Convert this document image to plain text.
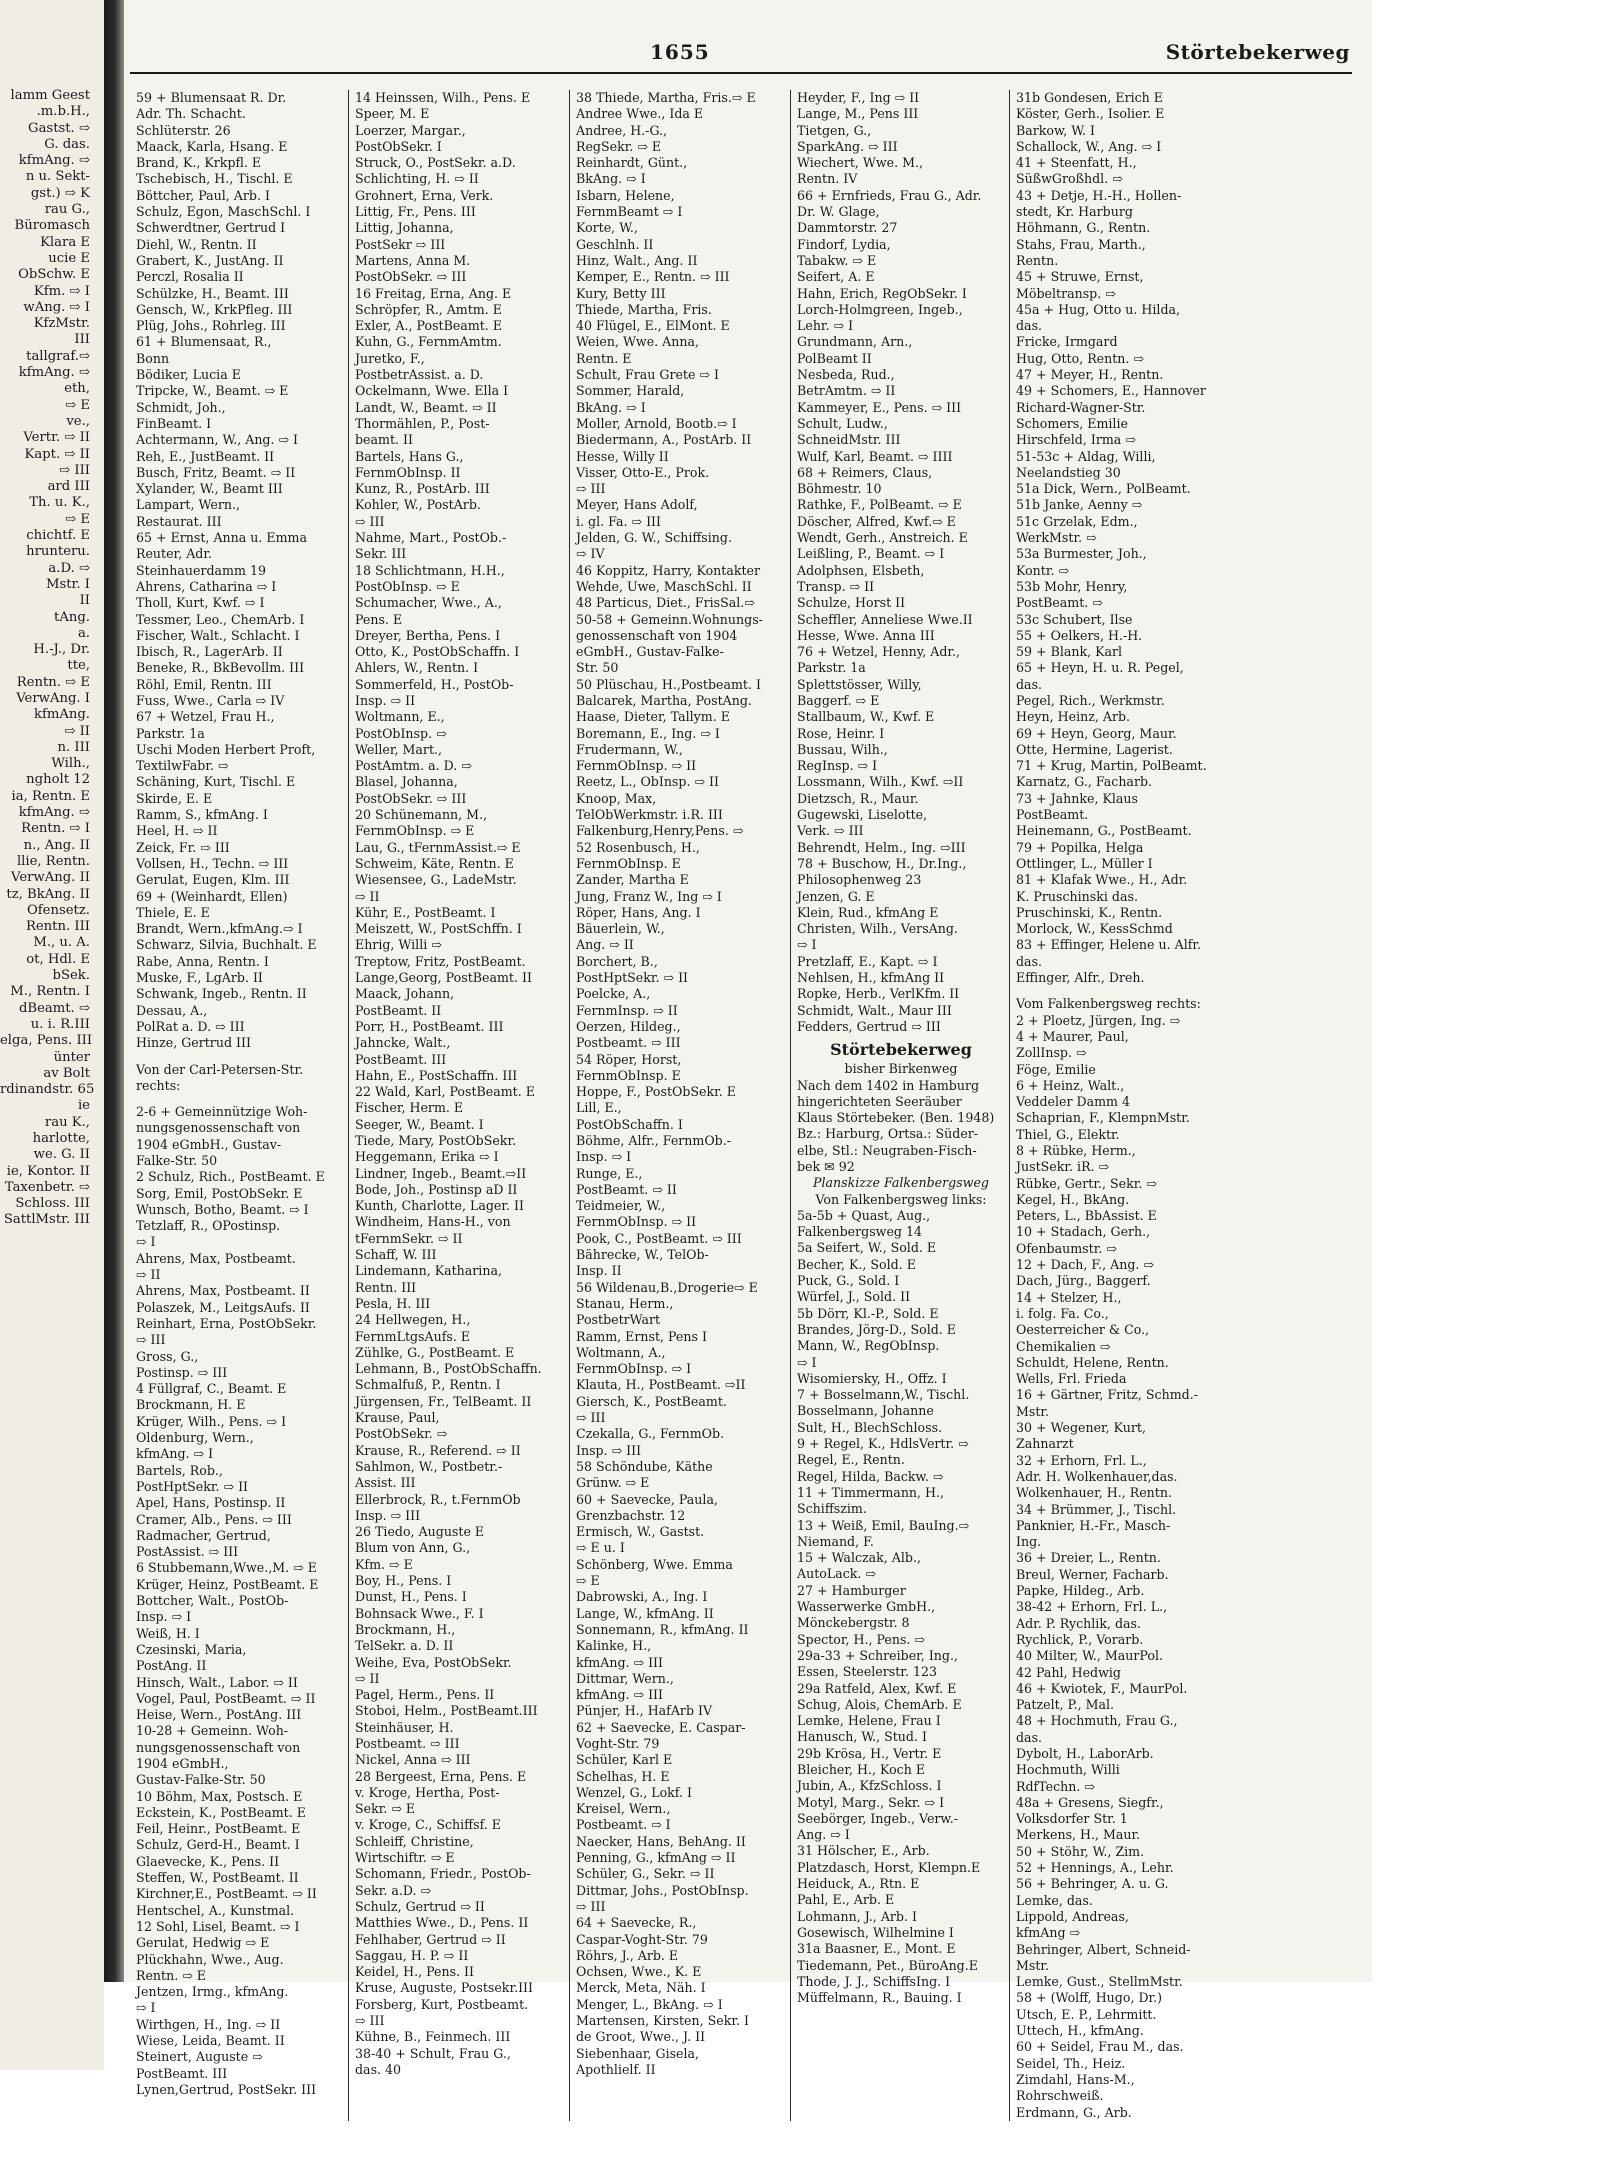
lamm Geest
.m.b.H.,
Gastst. ⇨
G. das.
kfmAng. ⇨
n u. Sekt-
gst.) ⇨ K
rau G.,
Büromasch
Klara E
ucie E
ObSchw. E
Kfm. ⇨ I
wAng. ⇨ I
KfzMstr.
III
tallgraf.⇨
kfmAng. ⇨
eth,
⇨ E
ve.,
Vertr. ⇨ II
Kapt. ⇨ II
⇨ III
ard III
Th. u. K.,
⇨ E
chichtf. E
hrunteru.
a.D. ⇨
Mstr. I
II
tAng.
a.
H.-J., Dr.
tte,
Rentn. ⇨ E
VerwAng. I
kfmAng.
⇨ II
n. III
Wilh.,
ngholt 12
ia, Rentn. E
kfmAng. ⇨
Rentn. ⇨ I
n., Ang. II
llie, Rentn.
VerwAng. II
tz, BkAng. II
Ofensetz.
Rentn. III
M., u. A.
ot, Hdl. E
bSek.
M., Rentn. I
dBeamt. ⇨
u. i. R.III
elga, Pens. III
ünter
av Bolt
rdinandstr. 65
ie
rau K.,
harlotte,
we. G. II
ie, Kontor. II
Taxenbetr. ⇨
Schloss. III
SattlMstr. III
1655	Störtebekerweg
59 + Blumensaat R. Dr.
Adr. Th. Schacht.
Schlüterstr. 26
Maack, Karla, Hsang. E
Brand, K., Krkpfl. E
Tschebisch, H., Tischl. E
Böttcher, Paul, Arb. I
Schulz, Egon, MaschSchl. I
Schwerdtner, Gertrud I
Diehl, W., Rentn. II
Grabert, K., JustAng. II
Perczl, Rosalia II
Schülzke, H., Beamt. III
Gensch, W., KrkPfleg. III
Plüg, Johs., Rohrleg. III
61 + Blumensaat, R.,
Bonn
Bödiker, Lucia E
Tripcke, W., Beamt. ⇨ E
Schmidt, Joh.,
FinBeamt. I
Achtermann, W., Ang. ⇨ I
Reh, E., JustBeamt. II
Busch, Fritz, Beamt. ⇨ II
Xylander, W., Beamt III
Lampart, Wern.,
Restaurat. III
65 + Ernst, Anna u. Emma
Reuter, Adr.
Steinhauerdamm 19
Ahrens, Catharina ⇨ I
Tholl, Kurt, Kwf. ⇨ I
Tessmer, Leo., ChemArb. I
Fischer, Walt., Schlacht. I
Ibisch, R., LagerArb. II
Beneke, R., BkBevollm. III
Röhl, Emil, Rentn. III
Fuss, Wwe., Carla ⇨ IV
67 + Wetzel, Frau H.,
Parkstr. 1a
Uschi Moden Herbert Proft,
TextilwFabr. ⇨
Schäning, Kurt, Tischl. E
Skirde, E. E
Ramm, S., kfmAng. I
Heel, H. ⇨ II
Zeick, Fr. ⇨ III
Vollsen, H., Techn. ⇨ III
Gerulat, Eugen, Klm. III
69 + (Weinhardt, Ellen)
Thiele, E. E
Brandt, Wern.,kfmAng.⇨ I
Schwarz, Silvia, Buchhalt. E
Rabe, Anna, Rentn. I
Muske, F., LgArb. II
Schwank, Ingeb., Rentn. II
Dessau, A.,
PolRat a. D. ⇨ III
Hinze, Gertrud III
Von der Carl-Petersen-Str.
rechts:
2-6 + Gemeinnützige Woh-
nungsgenossenschaft von
1904 eGmbH., Gustav-
Falke-Str. 50
2 Schulz, Rich., PostBeamt. E
Sorg, Emil, PostObSekr. E
Wunsch, Botho, Beamt. ⇨ I
Tetzlaff, R., OPostinsp.
⇨ I
Ahrens, Max, Postbeamt.
⇨ II
Ahrens, Max, Postbeamt. II
Polaszek, M., LeitgsAufs. II
Reinhart, Erna, PostObSekr.
⇨ III
Gross, G.,
Postinsp. ⇨ III
4 Füllgraf, C., Beamt. E
Brockmann, H. E
Krüger, Wilh., Pens. ⇨ I
Oldenburg, Wern.,
kfmAng. ⇨ I
Bartels, Rob.,
PostHptSekr. ⇨ II
Apel, Hans, Postinsp. II
Cramer, Alb., Pens. ⇨ III
Radmacher, Gertrud,
PostAssist. ⇨ III
6 Stubbemann,Wwe.,M. ⇨ E
Krüger, Heinz, PostBeamt. E
Bottcher, Walt., PostOb-
Insp. ⇨ I
Weiß, H. I
Czesinski, Maria,
PostAng. II
Hinsch, Walt., Labor. ⇨ II
Vogel, Paul, PostBeamt. ⇨ II
Heise, Wern., PostAng. III
10-28 + Gemeinn. Woh-
nungsgenossenschaft von
1904 eGmbH.,
Gustav-Falke-Str. 50
10 Böhm, Max, Postsch. E
Eckstein, K., PostBeamt. E
Feil, Heinr., PostBeamt. E
Schulz, Gerd-H., Beamt. I
Glaevecke, K., Pens. II
Steffen, W., PostBeamt. II
Kirchner,E., PostBeamt. ⇨ II
Hentschel, A., Kunstmal.
12 Sohl, Lisel, Beamt. ⇨ I
Gerulat, Hedwig ⇨ E
Plückhahn, Wwe., Aug.
Rentn. ⇨ E
Jentzen, Irmg., kfmAng.
⇨ I
Wirthgen, H., Ing. ⇨ II
Wiese, Leida, Beamt. II
Steinert, Auguste ⇨
PostBeamt. III
Lynen,Gertrud, PostSekr. III
14 Heinssen, Wilh., Pens. E
Speer, M. E
Loerzer, Margar.,
PostObSekr. I
Struck, O., PostSekr. a.D.
Schlichting, H. ⇨ II
Grohnert, Erna, Verk.
Littig, Fr., Pens. III
Littig, Johanna,
PostSekr ⇨ III
Martens, Anna M.
PostObSekr. ⇨ III
16 Freitag, Erna, Ang. E
Schröpfer, R., Amtm. E
Exler, A., PostBeamt. E
Kuhn, G., FernmAmtm.
Juretko, F.,
PostbetrAssist. a. D.
Ockelmann, Wwe. Ella I
Landt, W., Beamt. ⇨ II
Thormählen, P., Post-
beamt. II
Bartels, Hans G.,
FernmObInsp. II
Kunz, R., PostArb. III
Kohler, W., PostArb.
⇨ III
Nahme, Mart., PostOb.-
Sekr. III
18 Schlichtmann, H.H.,
PostObInsp. ⇨ E
Schumacher, Wwe., A.,
Pens. E
Dreyer, Bertha, Pens. I
Otto, K., PostObSchaffn. I
Ahlers, W., Rentn. I
Sommerfeld, H., PostOb-
Insp. ⇨ II
Woltmann, E.,
PostObInsp. ⇨
Weller, Mart.,
PostAmtm. a. D. ⇨
Blasel, Johanna,
PostObSekr. ⇨ III
20 Schünemann, M.,
FernmObInsp. ⇨ E
Lau, G., tFernmAssist.⇨ E
Schweim, Käte, Rentn. E
Wiesensee, G., LadeMstr.
⇨ II
Kühr, E., PostBeamt. I
Meiszett, W., PostSchffn. I
Ehrig, Willi ⇨
Treptow, Fritz, PostBeamt.
Lange,Georg, PostBeamt. II
Maack, Johann,
PostBeamt. II
Porr, H., PostBeamt. III
Jahncke, Walt.,
PostBeamt. III
Hahn, E., PostSchaffn. III
22 Wald, Karl, PostBeamt. E
Fischer, Herm. E
Seeger, W., Beamt. I
Tiede, Mary, PostObSekr.
Heggemann, Erika ⇨ I
Lindner, Ingeb., Beamt.⇨II
Bode, Joh., Postinsp aD II
Kunth, Charlotte, Lager. II
Windheim, Hans-H., von
tFernmSekr. ⇨ II
Schaff, W. III
Lindemann, Katharina,
Rentn. III
Pesla, H. III
24 Hellwegen, H.,
FernmLtgsAufs. E
Zühlke, G., PostBeamt. E
Lehmann, B., PostObSchaffn.
Schmalfuß, P., Rentn. I
Jürgensen, Fr., TelBeamt. II
Krause, Paul,
PostObSekr. ⇨
Krause, R., Referend. ⇨ II
Sahlmon, W., Postbetr.-
Assist. III
Ellerbrock, R., t.FernmOb
Insp. ⇨ III
26 Tiedo, Auguste E
Blum von Ann, G.,
Kfm. ⇨ E
Boy, H., Pens. I
Dunst, H., Pens. I
Bohnsack Wwe., F. I
Brockmann, H.,
TelSekr. a. D. II
Weihe, Eva, PostObSekr.
⇨ II
Pagel, Herm., Pens. II
Stoboi, Helm., PostBeamt.III
Steinhäuser, H.
Postbeamt. ⇨ III
Nickel, Anna ⇨ III
28 Bergeest, Erna, Pens. E
v. Kroge, Hertha, Post-
Sekr. ⇨ E
v. Kroge, C., Schiffsf. E
Schleiff, Christine,
Wirtschiftr. ⇨ E
Schomann, Friedr., PostOb-
Sekr. a.D. ⇨
Schulz, Gertrud ⇨ II
Matthies Wwe., D., Pens. II
Fehlhaber, Gertrud ⇨ II
Saggau, H. P. ⇨ II
Keidel, H., Pens. II
Kruse, Auguste, Postsekr.III
Forsberg, Kurt, Postbeamt.
⇨ III
Kühne, B., Feinmech. III
38-40 + Schult, Frau G.,
das. 40
38 Thiede, Martha, Fris.⇨ E
Andree Wwe., Ida E
Andree, H.-G.,
RegSekr. ⇨ E
Reinhardt, Günt.,
BkAng. ⇨ I
Isbarn, Helene,
FernmBeamt ⇨ I
Korte, W.,
Geschlnh. II
Hinz, Walt., Ang. II
Kemper, E., Rentn. ⇨ III
Kury, Betty III
Thiede, Martha, Fris.
40 Flügel, E., ElMont. E
Weien, Wwe. Anna,
Rentn. E
Schult, Frau Grete ⇨ I
Sommer, Harald,
BkAng. ⇨ I
Moller, Arnold, Bootb.⇨ I
Biedermann, A., PostArb. II
Hesse, Willy II
Visser, Otto-E., Prok.
⇨ III
Meyer, Hans Adolf,
i. gl. Fa. ⇨ III
Jelden, G. W., Schiffsing.
⇨ IV
46 Koppitz, Harry, Kontakter
Wehde, Uwe, MaschSchl. II
48 Particus, Diet., FrisSal.⇨
50-58 + Gemeinn.Wohnungs-
genossenschaft von 1904
eGmbH., Gustav-Falke-
Str. 50
50 Plüschau, H.,Postbeamt. I
Balcarek, Martha, PostAng.
Haase, Dieter, Tallym. E
Boremann, E., Ing. ⇨ I
Frudermann, W.,
FernmObInsp. ⇨ II
Reetz, L., ObInsp. ⇨ II
Knoop, Max,
TelObWerkmstr. i.R. III
Falkenburg,Henry,Pens. ⇨
52 Rosenbusch, H.,
FernmObInsp. E
Zander, Martha E
Jung, Franz W., Ing ⇨ I
Röper, Hans, Ang. I
Bäuerlein, W.,
Ang. ⇨ II
Borchert, B.,
PostHptSekr. ⇨ II
Poelcke, A.,
FernmInsp. ⇨ II
Oerzen, Hildeg.,
Postbeamt. ⇨ III
54 Röper, Horst,
FernmObInsp. E
Hoppe, F., PostObSekr. E
Lill, E.,
PostObSchaffn. I
Böhme, Alfr., FernmOb.-
Insp. ⇨ I
Runge, E.,
PostBeamt. ⇨ II
Teidmeier, W.,
FernmObInsp. ⇨ II
Pook, C., PostBeamt. ⇨ III
Bährecke, W., TelOb-
Insp. II
56 Wildenau,B.,Drogerie⇨ E
Stanau, Herm.,
PostbetrWart
Ramm, Ernst, Pens I
Woltmann, A.,
FernmObInsp. ⇨ I
Klauta, H., PostBeamt. ⇨II
Giersch, K., PostBeamt.
⇨ III
Czekalla, G., FernmOb.
Insp. ⇨ III
58 Schöndube, Käthe
Grünw. ⇨ E
60 + Saevecke, Paula,
Grenzbachstr. 12
Ermisch, W., Gastst.
⇨ E u. I
Schönberg, Wwe. Emma
⇨ E
Dabrowski, A., Ing. I
Lange, W., kfmAng. II
Sonnemann, R., kfmAng. II
Kalinke, H.,
kfmAng. ⇨ III
Dittmar, Wern.,
kfmAng. ⇨ III
Pünjer, H., HafArb IV
62 + Saevecke, E. Caspar-
Voght-Str. 79
Schüler, Karl E
Schelhas, H. E
Wenzel, G., Lokf. I
Kreisel, Wern.,
Postbeamt. ⇨ I
Naecker, Hans, BehAng. II
Penning, G., kfmAng ⇨ II
Schüler, G., Sekr. ⇨ II
Dittmar, Johs., PostObInsp.
⇨ III
64 + Saevecke, R.,
Caspar-Voght-Str. 79
Röhrs, J., Arb. E
Ochsen, Wwe., K. E
Merck, Meta, Näh. I
Menger, L., BkAng. ⇨ I
Martensen, Kirsten, Sekr. I
de Groot, Wwe., J. II
Siebenhaar, Gisela,
Apothlielf. II
Heyder, F., Ing ⇨ II
Lange, M., Pens III
Tietgen, G.,
SparkAng. ⇨ III
Wiechert, Wwe. M.,
Rentn. IV
66 + Ernfrieds, Frau G., Adr.
Dr. W. Glage,
Dammtorstr. 27
Findorf, Lydia,
Tabakw. ⇨ E
Seifert, A. E
Hahn, Erich, RegObSekr. I
Lorch-Holmgreen, Ingeb.,
Lehr. ⇨ I
Grundmann, Arn.,
PolBeamt II
Nesbeda, Rud.,
BetrAmtm. ⇨ II
Kammeyer, E., Pens. ⇨ III
Schult, Ludw.,
SchneidMstr. III
Wulf, Karl, Beamt. ⇨ IIII
68 + Reimers, Claus,
Böhmestr. 10
Rathke, F., PolBeamt. ⇨ E
Döscher, Alfred, Kwf.⇨ E
Wendt, Gerh., Anstreich. E
Leißling, P., Beamt. ⇨ I
Adolphsen, Elsbeth,
Transp. ⇨ II
Schulze, Horst II
Scheffler, Anneliese Wwe.II
Hesse, Wwe. Anna III
76 + Wetzel, Henny, Adr.,
Parkstr. 1a
Splettstösser, Willy,
Baggerf. ⇨ E
Stallbaum, W., Kwf. E
Rose, Heinr. I
Bussau, Wilh.,
RegInsp. ⇨ I
Lossmann, Wilh., Kwf. ⇨II
Dietzsch, R., Maur.
Gugewski, Liselotte,
Verk. ⇨ III
Behrendt, Helm., Ing. ⇨III
78 + Buschow, H., Dr.Ing.,
Philosophenweg 23
Jenzen, G. E
Klein, Rud., kfmAng E
Christen, Wilh., VersAng.
⇨ I
Pretzlaff, E., Kapt. ⇨ I
Nehlsen, H., kfmAng II
Ropke, Herb., VerlKfm. II
Schmidt, Walt., Maur III
Fedders, Gertrud ⇨ III
Störtebekerweg
bisher Birkenweg
Nach dem 1402 in Hamburg
hingerichteten Seeräuber
Klaus Störtebeker. (Ben. 1948)
Bz.: Harburg, Ortsa.: Süder-
elbe, Stl.: Neugraben-Fisch-
bek ✉ 92
Planskizze Falkenbergsweg
Von Falkenbergsweg links:
5a-5b + Quast, Aug.,
Falkenbergsweg 14
5a Seifert, W., Sold. E
Becher, K., Sold. E
Puck, G., Sold. I
Würfel, J., Sold. II
5b Dörr, Kl.-P., Sold. E
Brandes, Jörg-D., Sold. E
Mann, W., RegObInsp.
⇨ I
Wisomiersky, H., Offz. I
7 + Bosselmann,W., Tischl.
Bosselmann, Johanne
Sult, H., BlechSchloss.
9 + Regel, K., HdlsVertr. ⇨
Regel, E., Rentn.
Regel, Hilda, Backw. ⇨
11 + Timmermann, H.,
Schiffszim.
13 + Weiß, Emil, BauIng.⇨
Niemand, F.
15 + Walczak, Alb.,
AutoLack. ⇨
27 + Hamburger
Wasserwerke GmbH.,
Mönckebergstr. 8
Spector, H., Pens. ⇨
29a-33 + Schreiber, Ing.,
Essen, Steelerstr. 123
29a Ratfeld, Alex, Kwf. E
Schug, Alois, ChemArb. E
Lemke, Helene, Frau I
Hanusch, W., Stud. I
29b Krösa, H., Vertr. E
Bleicher, H., Koch E
Jubin, A., KfzSchloss. I
Motyl, Marg., Sekr. ⇨ I
Seebörger, Ingeb., Verw.-
Ang. ⇨ I
31 Hölscher, E., Arb.
Platzdasch, Horst, Klempn.E
Heiduck, A., Rtn. E
Pahl, E., Arb. E
Lohmann, J., Arb. I
Gosewisch, Wilhelmine I
31a Baasner, E., Mont. E
Tiedemann, Pet., BüroAng.E
Thode, J. J., SchiffsIng. I
Müffelmann, R., Bauing. I
31b Gondesen, Erich E
Köster, Gerh., Isolier. E
Barkow, W. I
Schallock, W., Ang. ⇨ I
41 + Steenfatt, H.,
SüßwGroßhdl. ⇨
43 + Detje, H.-H., Hollen-
stedt, Kr. Harburg
Höhmann, G., Rentn.
Stahs, Frau, Marth.,
Rentn.
45 + Struwe, Ernst,
Möbeltransp. ⇨
45a + Hug, Otto u. Hilda,
das.
Fricke, Irmgard
Hug, Otto, Rentn. ⇨
47 + Meyer, H., Rentn.
49 + Schomers, E., Hannover
Richard-Wagner-Str.
Schomers, Emilie
Hirschfeld, Irma ⇨
51-53c + Aldag, Willi,
Neelandstieg 30
51a Dick, Wern., PolBeamt.
51b Janke, Aenny ⇨
51c Grzelak, Edm.,
WerkMstr. ⇨
53a Burmester, Joh.,
Kontr. ⇨
53b Mohr, Henry,
PostBeamt. ⇨
53c Schubert, Ilse
55 + Oelkers, H.-H.
59 + Blank, Karl
65 + Heyn, H. u. R. Pegel,
das.
Pegel, Rich., Werkmstr.
Heyn, Heinz, Arb.
69 + Heyn, Georg, Maur.
Otte, Hermine, Lagerist.
71 + Krug, Martin, PolBeamt.
Karnatz, G., Facharb.
73 + Jahnke, Klaus
PostBeamt.
Heinemann, G., PostBeamt.
79 + Popilka, Helga
Ottlinger, L., Müller I
81 + Klafak Wwe., H., Adr.
K. Pruschinski das.
Pruschinski, K., Rentn.
Morlock, W., KessSchmd
83 + Effinger, Helene u. Alfr.
das.
Effinger, Alfr., Dreh.
Vom Falkenbergsweg rechts:
2 + Ploetz, Jürgen, Ing. ⇨
4 + Maurer, Paul,
ZollInsp. ⇨
Föge, Emilie
6 + Heinz, Walt.,
Veddeler Damm 4
Schaprian, F., KlempnMstr.
Thiel, G., Elektr.
8 + Rübke, Herm.,
JustSekr. iR. ⇨
Rübke, Gertr., Sekr. ⇨
Kegel, H., BkAng.
Peters, L., BbAssist. E
10 + Stadach, Gerh.,
Ofenbaumstr. ⇨
12 + Dach, F., Ang. ⇨
Dach, Jürg., Baggerf.
14 + Stelzer, H.,
i. folg. Fa. Co.,
Oesterreicher & Co.,
Chemikalien ⇨
Schuldt, Helene, Rentn.
Wells, Frl. Frieda
16 + Gärtner, Fritz, Schmd.-
Mstr.
30 + Wegener, Kurt,
Zahnarzt
32 + Erhorn, Frl. L.,
Adr. H. Wolkenhauer,das.
Wolkenhauer, H., Rentn.
34 + Brümmer, J., Tischl.
Panknier, H.-Fr., Masch-
Ing.
36 + Dreier, L., Rentn.
Breul, Werner, Facharb.
Papke, Hildeg., Arb.
38-42 + Erhorn, Frl. L.,
Adr. P. Rychlik, das.
Rychlick, P., Vorarb.
40 Milter, W., MaurPol.
42 Pahl, Hedwig
46 + Kwiotek, F., MaurPol.
Patzelt, P., Mal.
48 + Hochmuth, Frau G.,
das.
Dybolt, H., LaborArb.
Hochmuth, Willi
RdfTechn. ⇨
48a + Gresens, Siegfr.,
Volksdorfer Str. 1
Merkens, H., Maur.
50 + Stöhr, W., Zim.
52 + Hennings, A., Lehr.
56 + Behringer, A. u. G.
Lemke, das.
Lippold, Andreas,
kfmAng ⇨
Behringer, Albert, Schneid-
Mstr.
Lemke, Gust., StellmMstr.
58 + (Wolff, Hugo, Dr.)
Utsch, E. P., Lehrmitt.
Uttech, H., kfmAng.
60 + Seidel, Frau M., das.
Seidel, Th., Heiz.
Zimdahl, Hans-M.,
Rohrschweiß.
Erdmann, G., Arb.
